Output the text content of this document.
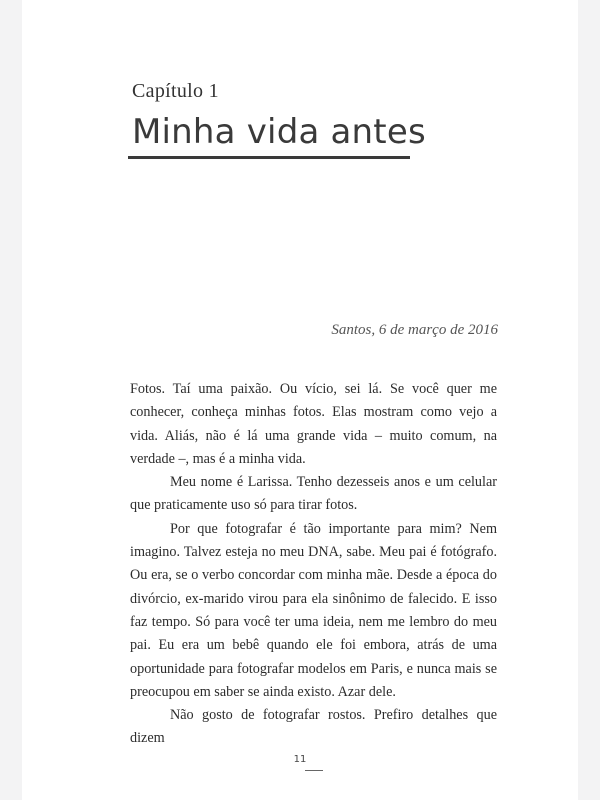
Capítulo 1
Minha vida antes
Santos, 6 de março de 2016

Fotos. Taí uma paixão. Ou vício, sei lá. Se você quer me conhecer, conheça minhas fotos. Elas mostram como vejo a vida. Aliás, não é lá uma grande vida – muito comum, na verdade –, mas é a minha vida.

Meu nome é Larissa. Tenho dezesseis anos e um celular que praticamente uso só para tirar fotos.

Por que fotografar é tão importante para mim? Nem imagino. Talvez esteja no meu DNA, sabe. Meu pai é fotógrafo. Ou era, se o verbo concordar com minha mãe. Desde a época do divórcio, ex-marido virou para ela sinônimo de falecido. E isso faz tempo. Só para você ter uma ideia, nem me lembro do meu pai. Eu era um bebê quando ele foi embora, atrás de uma oportunidade para fotografar modelos em Paris, e nunca mais se preocupou em saber se ainda existo. Azar dele.

Não gosto de fotografar rostos. Prefiro detalhes que dizem

11
